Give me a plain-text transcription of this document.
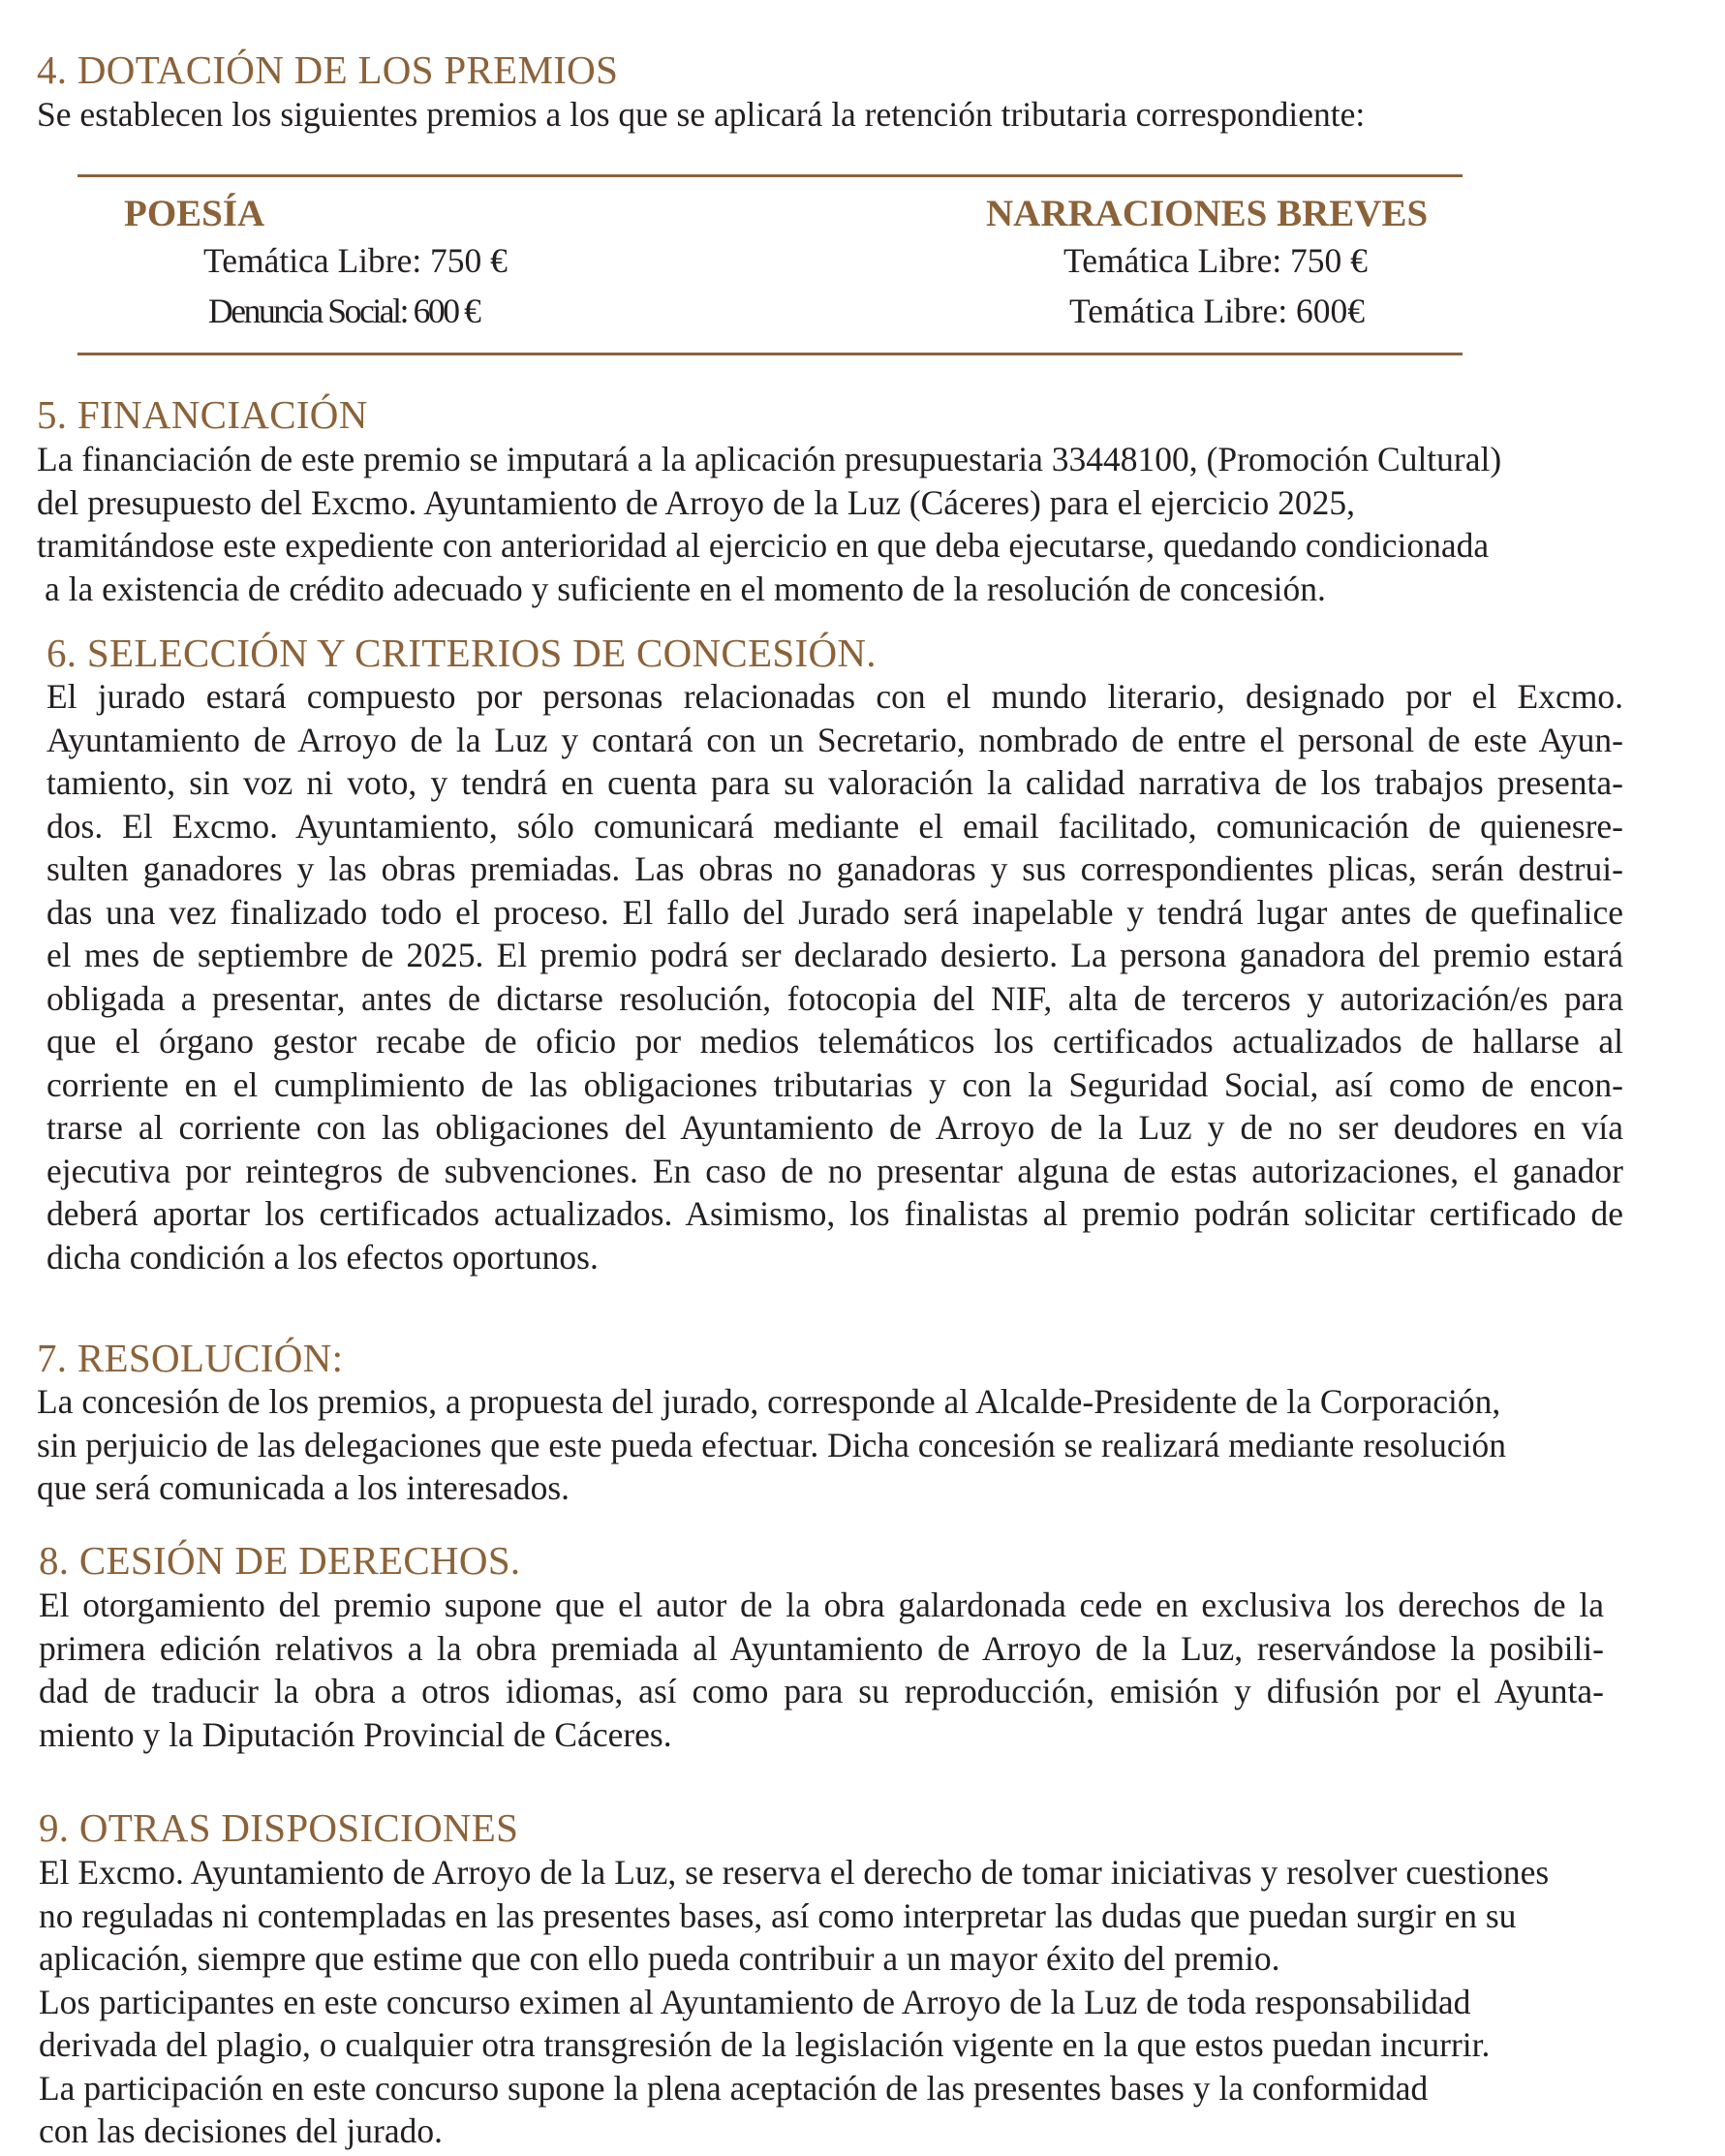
4. DOTACIÓN DE LOS PREMIOS

Se establecen los siguientes premios a los que se aplicará la retención tributaria correspondiente:

POESÍA
Temática Libre: 750 €
Denuncia Social: 600 €
NARRACIONES BREVES
Temática Libre: 750 €
Temática Libre: 600€
5. FINANCIACIÓN
La financiación de este premio se imputará a la aplicación presupuestaria 33448100, (Promoción Cultural)
del presupuesto del Excmo. Ayuntamiento de Arroyo de la Luz (Cáceres) para el ejercicio 2025,
tramitándose este expediente con anterioridad al ejercicio en que deba ejecutarse, quedando condicionada
a la existencia de crédito adecuado y suficiente en el momento de la resolución de concesión.
6. SELECCIÓN Y CRITERIOS DE CONCESIÓN.
El jurado estará compuesto por personas relacionadas con el mundo literario, designado por el Excmo.
Ayuntamiento de Arroyo de la Luz y contará con un Secretario, nombrado de entre el personal de este Ayun-
tamiento, sin voz ni voto, y tendrá en cuenta para su valoración la calidad narrativa de los trabajos presenta-
dos. El Excmo. Ayuntamiento, sólo comunicará mediante el email facilitado, comunicación de quienesre-
sulten ganadores y las obras premiadas. Las obras no ganadoras y sus correspondientes plicas, serán destrui-
das una vez finalizado todo el proceso. El fallo del Jurado será inapelable y tendrá lugar antes de quefinalice
el mes de septiembre de 2025. El premio podrá ser declarado desierto. La persona ganadora del premio estará
obligada a presentar, antes de dictarse resolución, fotocopia del NIF, alta de terceros y autorización/es para
que el órgano gestor recabe de oficio por medios telemáticos los certificados actualizados de hallarse al
corriente en el cumplimiento de las obligaciones tributarias y con la Seguridad Social, así como de encon-
trarse al corriente con las obligaciones del Ayuntamiento de Arroyo de la Luz y de no ser deudores en vía
ejecutiva por reintegros de subvenciones. En caso de no presentar alguna de estas autorizaciones, el ganador
deberá aportar los certificados actualizados. Asimismo, los finalistas al premio podrán solicitar certificado de
dicha condición a los efectos oportunos.
7. RESOLUCIÓN:
La concesión de los premios, a propuesta del jurado, corresponde al Alcalde-Presidente de la Corporación,
sin perjuicio de las delegaciones que este pueda efectuar. Dicha concesión se realizará mediante resolución
que será comunicada a los interesados.
8. CESIÓN DE DERECHOS.
El otorgamiento del premio supone que el autor de la obra galardonada cede en exclusiva los derechos de la
primera edición relativos a la obra premiada al Ayuntamiento de Arroyo de la Luz, reservándose la posibili-
dad de traducir la obra a otros idiomas, así como para su reproducción, emisión y difusión por el Ayunta-
miento y la Diputación Provincial de Cáceres.
9. OTRAS DISPOSICIONES
El Excmo. Ayuntamiento de Arroyo de la Luz, se reserva el derecho de tomar iniciativas y resolver cuestiones
no reguladas ni contempladas en las presentes bases, así como interpretar las dudas que puedan surgir en su
aplicación, siempre que estime que con ello pueda contribuir a un mayor éxito del premio.
Los participantes en este concurso eximen al Ayuntamiento de Arroyo de la Luz de toda responsabilidad
derivada del plagio, o cualquier otra transgresión de la legislación vigente en la que estos puedan incurrir.
La participación en este concurso supone la plena aceptación de las presentes bases y la conformidad
con las decisiones del jurado.
